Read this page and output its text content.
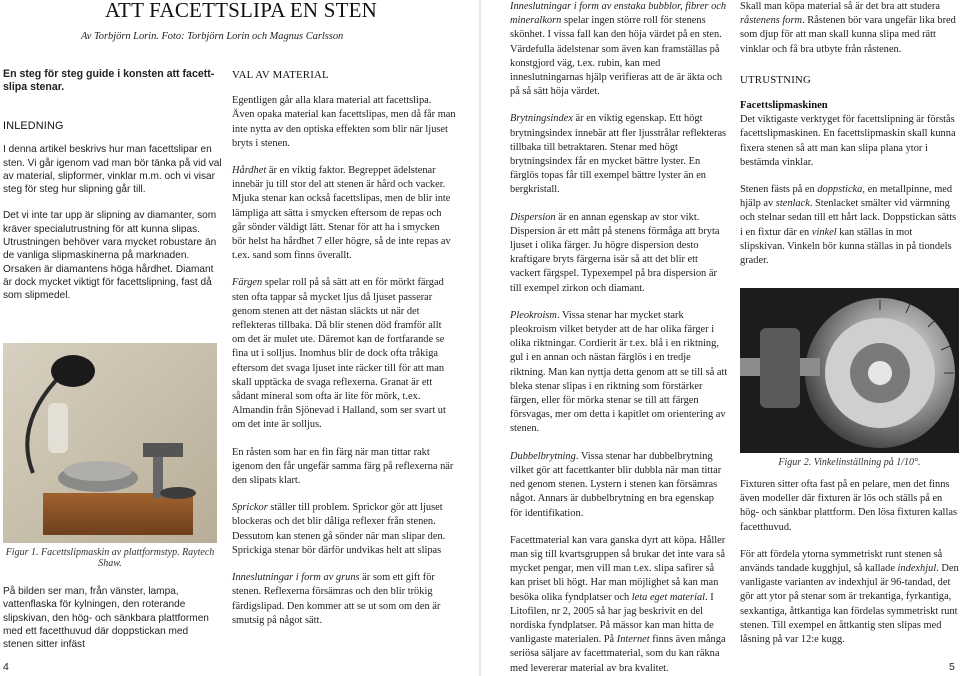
ATT FACETTSLIPA EN STEN
Av Torbjörn Lorin. Foto: Torbjörn Lorin och Magnus Carlsson

En steg för steg guide i konsten att facettslipa stenar.

INLEDNING

I denna artikel beskrivs hur man facettslipar en sten. Vi går igenom vad man bör tänka på vid val av material, slipformer, vinklar m.m. och vi visar steg för steg hur slipning går till.

Det vi inte tar upp är slipning av diamanter, som kräver specialutrustning för att kunna slipas. Utrustningen behöver vara mycket robustare än de vanliga slipmaskinerna på marknaden. Orsaken är diamantens höga hårdhet. Diamant är dock mycket viktigt för facettslipning, fast då som slipmedel.

Figur 1. Facettslipmaskin av plattformstyp. Raytech Shaw.

På bilden ser man, från vänster, lampa, vattenflaska för kylningen, den roterande slipskivan, den hög- och sänkbara plattformen med ett facetthuvud där doppstickan med stenen sitter infäst

VAL AV MATERIAL

Egentligen går alla klara material att facettslipa. Även opaka material kan facettslipas, men då får man inte nytta av den optiska effekten som blir när ljuset bryts i stenen.

Hårdhet är en viktig faktor. Begreppet ädelstenar innebär ju till stor del att stenen är hård och vacker. Mjuka stenar kan också facettslipas, men de blir inte lämpliga att sätta i smycken eftersom de repas och går sönder väldigt lätt. Stenar för att ha i smycken bör helst ha hårdhet 7 eller högre, så de inte repas av t.ex. sand som finns överallt.

Färgen spelar roll på så sätt att en för mörkt färgad sten ofta tappar så mycket ljus då ljuset passerar genom stenen att det nästan släckts ut när det reflekteras tillbaka. Då blir stenen död framför allt om det är mulet ute. Däremot kan de fortfarande se fina ut i solljus. Inomhus blir de dock ofta tråkiga eftersom det svaga ljuset inte räcker till för att man skall upptäcka de svaga reflexerna. Granat är ett sådant mineral som ofta är lite för mörk, t.ex. Almandin från Sjönevad i Halland, som ser svart ut om det inte är solljus.

En råsten som har en fin färg när man tittar rakt igenom den får ungefär samma färg på reflexerna när den slipats klart.

Sprickor ställer till problem. Sprickor gör att ljuset blockeras och det blir dåliga reflexer från stenen. Dessutom kan stenen gå sönder när man slipar den. Sprickiga stenar bör därför undvikas helt att slipas

Inneslutningar i form av gruns är som ett gift för stenen. Reflexerna försämras och den blir trökig färdigslipad. Den kommer att se ut som om den är smutsig på något sätt.

Inneslutningar i form av enstaka bubblor, fibrer och mineralkorn spelar ingen större roll för stenens skönhet. I vissa fall kan den höja värdet på en sten. Värdefulla ädelstenar som även kan framställas på konstgjord väg, t.ex. rubin, kan med inneslutningarnas hjälp verifieras att de är äkta och på så sätt höja värdet.

Brytningsindex är en viktig egenskap. Ett högt brytningsindex innebär att fler ljusstrålar reflekteras tillbaka till betraktaren. Stenar med högt brytningsindex får en mycket bättre lyster. En färglös topas får till exempel bättre lyster än en bergkristall.

Dispersion är en annan egenskap av stor vikt. Dispersion är ett mått på stenens förmåga att bryta ljuset i olika färger. Ju högre dispersion desto kraftigare bryts färgerna isär så att det blir ett vackert färgspel. Typexempel på bra dispersion är till exempel zirkon och diamant.

Pleokroism. Vissa stenar har mycket stark pleokroism vilket betyder att de har olika färger i olika riktningar. Cordierit är t.ex. blå i en riktning, gul i en annan och nästan färglös i en tredje riktning. Man kan nyttja detta genom att se till så att bleka stenar slipas i en riktning som förstärker färgen, eller för mörka stenar se till att färgen försvagas, mer om detta i kapitlet om orientering av stenen.

Dubbelbrytning. Vissa stenar har dubbelbrytning vilket gör att facettkanter blir dubbla när man tittar ned genom stenen. Lystern i stenen kan försämras något. Annars är dubbelbrytning en bra egenskap för identifikation.

Facettmaterial kan vara ganska dyrt att köpa. Håller man sig till kvartsgruppen så brukar det inte vara så mycket pengar, men vill man t.ex. slipa safirer så kan priset bli högt. Har man möjlighet så kan man besöka olika fyndplatser och leta eget material. I Litofilen, nr 2, 2005 så har jag beskrivit en del nordiska fyndplatser. På mässor kan man hitta de vanligaste materialen. På Internet finns även många seriösa säljare av facettmaterial, som du kan räkna med levererar material av bra kvalitet.

Skall man köpa material så är det bra att studera råstenens form. Råstenen bör vara ungefär lika bred som djup för att man skall kunna slipa med rätt vinklar och få bra utbyte från råstenen.

UTRUSTNING
Facettslipmaskinen

Det viktigaste verktyget för facettslipning är förstås facettslipmaskinen. En facettslipmaskin skall kunna fixera stenen så att man kan slipa plana ytor i bestämda vinklar.

Stenen fästs på en doppsticka, en metallpinne, med hjälp av stenlack. Stenlacket smälter vid värmning och stelnar sedan till ett hårt lack. Doppstickan sätts i en fixtur där en vinkel kan ställas in mot slipskivan. Vinkeln bör kunna ställas in på tiondels grader.

Figur 2. Vinkelinställning på 1/10°.

Fixturen sitter ofta fast på en pelare, men det finns även modeller där fixturen är lös och ställs på en hög- och sänkbar plattform. Den lösa fixturen kallas facetthuvud.

För att fördela ytorna symmetriskt runt stenen så används tandade kugghjul, så kallade indexhjul. Den vanligaste varianten av indexhjul är 96-tandad, det gör att ytor på stenar som är trekantiga, fyrkantiga, sexkantiga, åttkantiga kan fördelas symmetriskt runt stenen. Till exempel en åttkantig sten slipas med låsning på var 12:e kugg.

4	5
